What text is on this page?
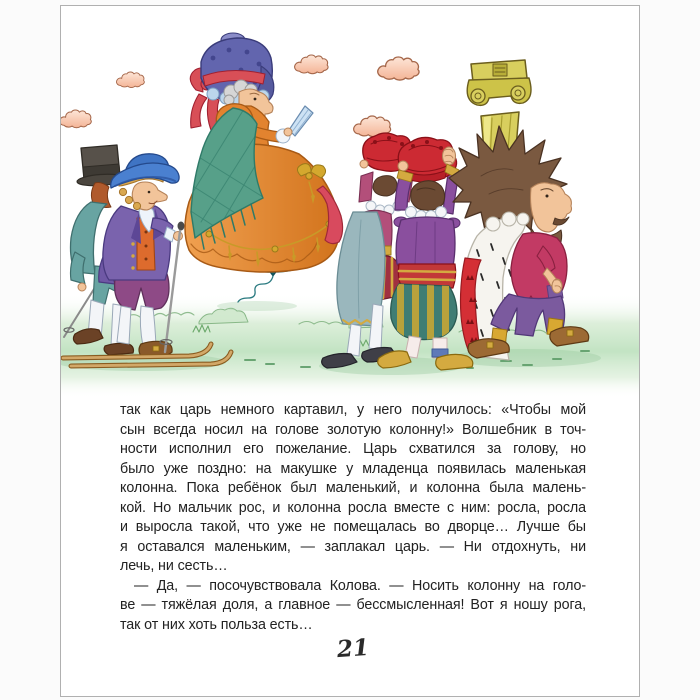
так как царь немного картавил, у него получилось: «Чтобы мой
сын всегда носил на голове золотую колонну!» Волшебник в точ-
ности исполнил его пожелание. Царь схватился за голову, но
было уже поздно: на макушке у младенца появилась маленькая
колонна. Пока ребёнок был маленький, и колонна была малень-
кой. Но мальчик рос, и колонна росла вместе с ним: росла, росла
и выросла такой, что уже не помещалась во дворце… Лучше бы
я оставался маленьким, — заплакал царь. — Ни отдохнуть, ни
лечь, ни сесть…
— Да, — посочувствовала Колова. — Носить колонну на голо-
ве — тяжёлая доля, а главное — бессмысленная! Вот я ношу рога,
так от них хоть польза есть…
21
